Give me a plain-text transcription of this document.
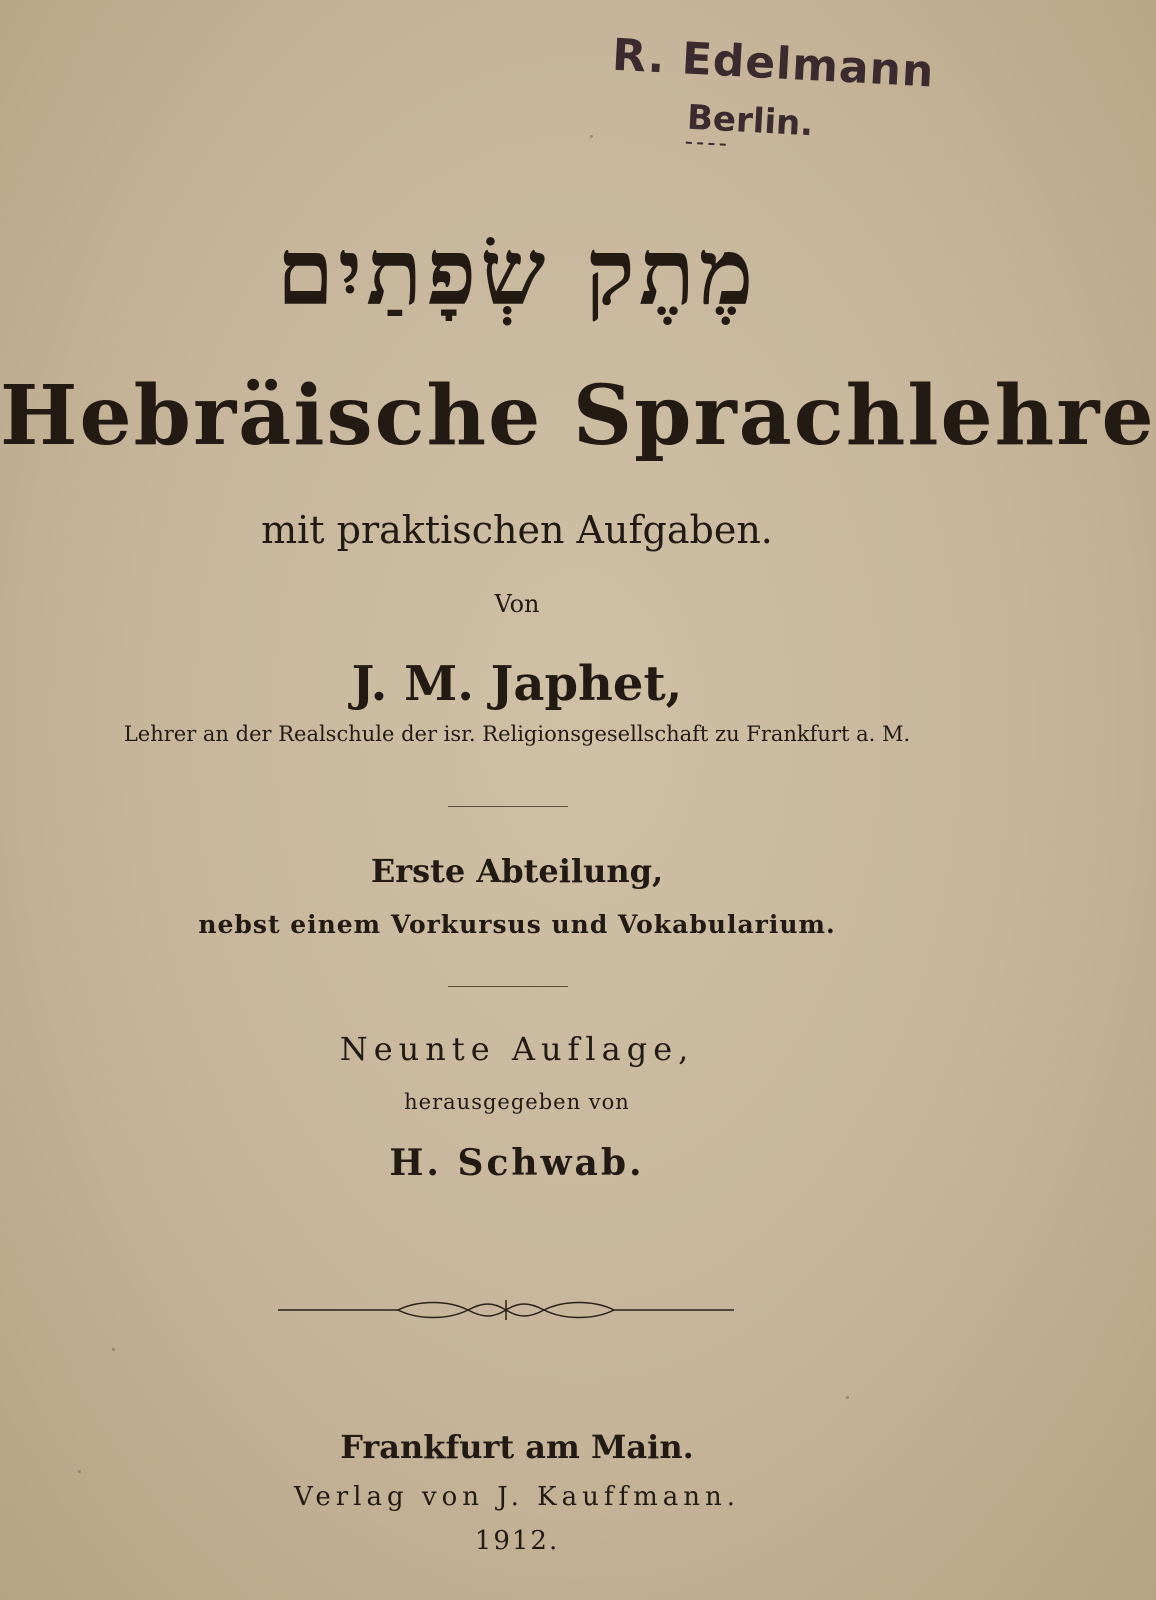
R. Edelmann
Berlin.
מֶתֶק שְׂפָתַיִם
Hebräische Sprachlehre
mit praktischen Aufgaben.
Von
J. M. Japhet,
Lehrer an der Realschule der isr. Religionsgesellschaft zu Frankfurt a. M.
Erste Abteilung,
nebst einem Vorkursus und Vokabularium.
Neunte Auflage,
herausgegeben von
H. Schwab.
Frankfurt am Main.
Verlag von J. Kauffmann.
1912.
